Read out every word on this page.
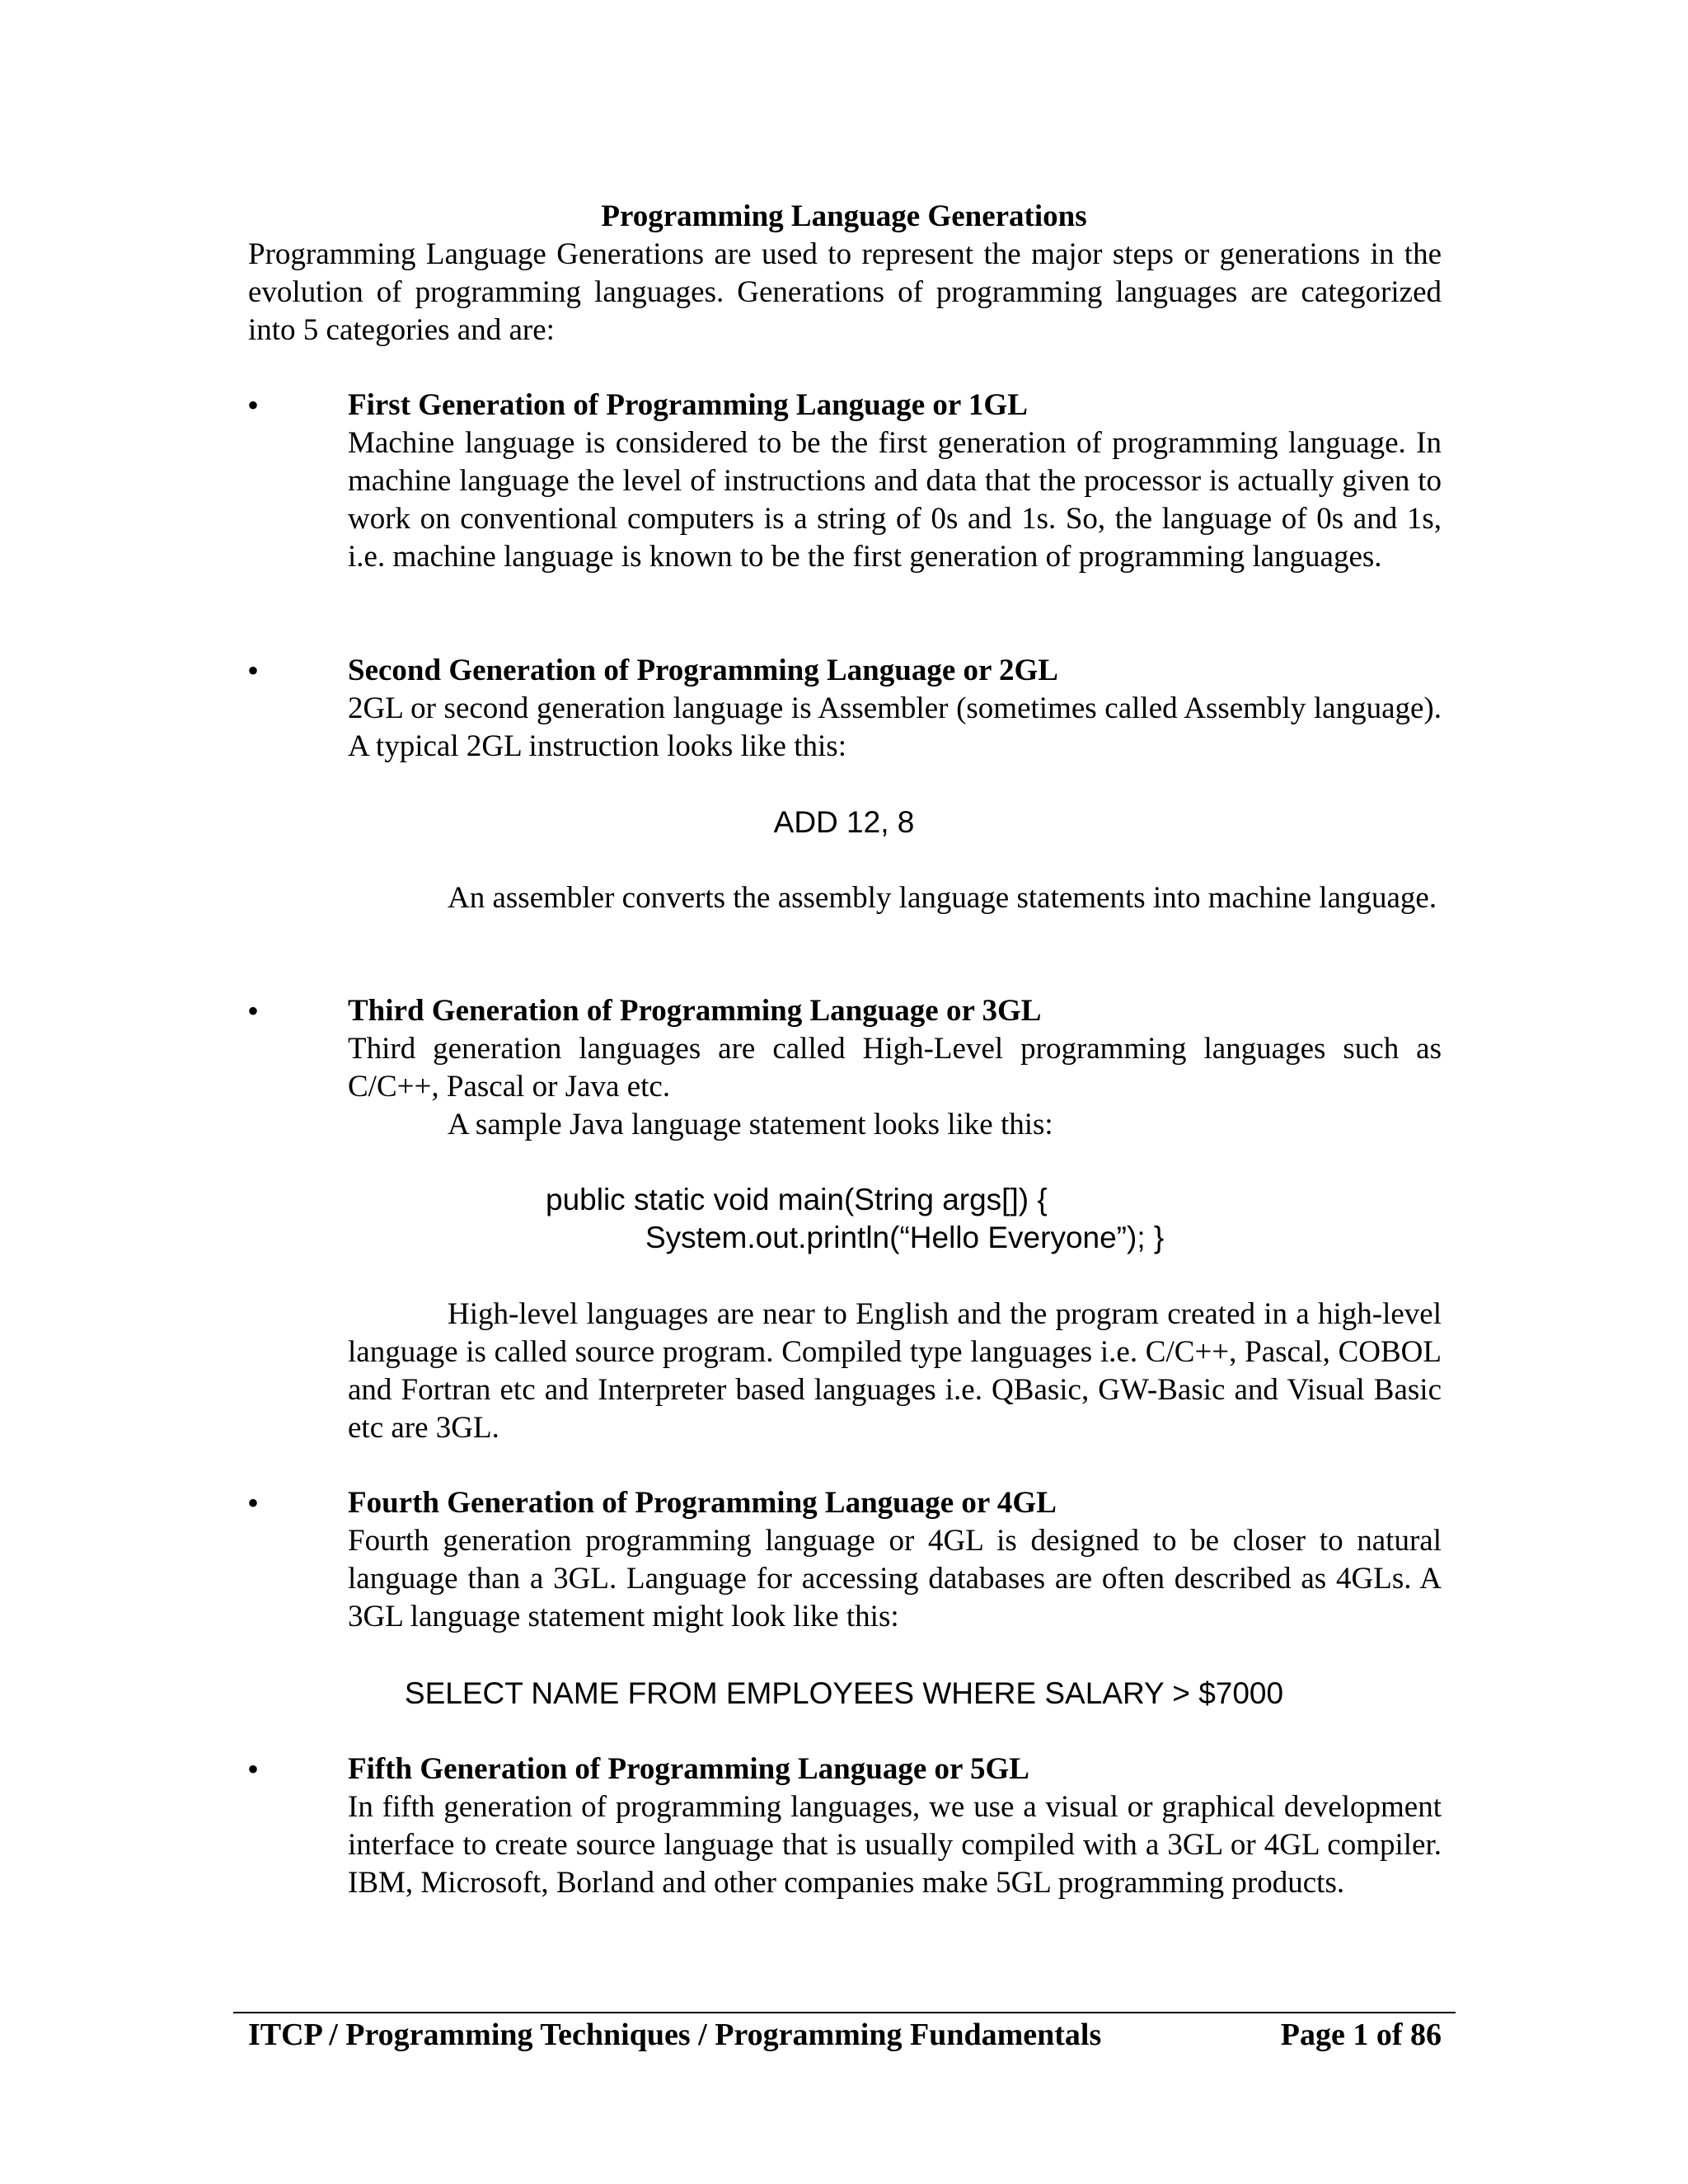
Programming Language Generations

Programming Language Generations are used to represent the major steps or generations in the evolution of programming languages. Generations of programming languages are categorized into 5 categories and are:

•	First Generation of Programming Language or 1GL

Machine language is considered to be the first generation of programming language. In machine language the level of instructions and data that the processor is actually given to work on conventional computers is a string of 0s and 1s. So, the language of 0s and 1s, i.e. machine language is known to be the first generation of programming languages.

•	Second Generation of Programming Language or 2GL

2GL or second generation language is Assembler (sometimes called Assembly language). A typical 2GL instruction looks like this:

ADD 12, 8

An assembler converts the assembly language statements into machine language.

•	Third Generation of Programming Language or 3GL

Third generation languages are called High-Level programming languages such as C/C++, Pascal or Java etc.

A sample Java language statement looks like this:
public static void main(String args[]) {
System.out.println(“Hello Everyone”); }

High-level languages are near to English and the program created in a high-level language is called source program. Compiled type languages i.e. C/C++, Pascal, COBOL and Fortran etc and Interpreter based languages i.e. QBasic, GW-Basic and Visual Basic etc are 3GL.

•	Fourth Generation of Programming Language or 4GL

Fourth generation programming language or 4GL is designed to be closer to natural language than a 3GL. Language for accessing databases are often described as 4GLs. A 3GL language statement might look like this:

SELECT NAME FROM EMPLOYEES WHERE SALARY > $7000
•	Fifth Generation of Programming Language or 5GL

In fifth generation of programming languages, we use a visual or graphical development interface to create source language that is usually compiled with a 3GL or 4GL compiler. IBM, Microsoft, Borland and other companies make 5GL programming products.

ITCP / Programming Techniques / Programming Fundamentals	Page 1 of 86
